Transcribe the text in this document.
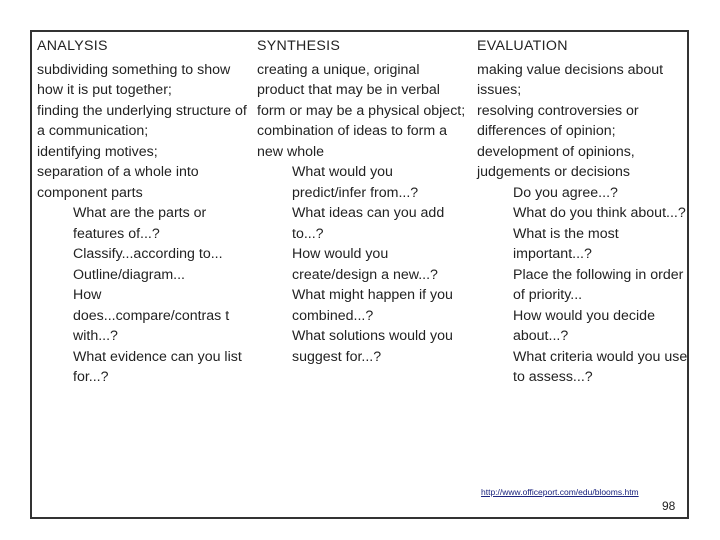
ANALYSIS

subdividing something to show how it is put together;

finding the underlying structure of a communication;

identifying motives;

separation of a whole into component parts

What are the parts or features of...?

Classify...according to...

Outline/diagram...

How does...compare/contras t with...?

What evidence can you list for...?

SYNTHESIS

creating a unique, original product that may be in verbal form or may be a physical object;

combination of ideas to form a new whole

What would you predict/infer from...?

What ideas can you add to...?

How would you create/design a new...?

What might happen if you combined...?

What solutions would you suggest for...?

EVALUATION

making value decisions about issues;

resolving controversies or differences of opinion;

development of opinions, judgements or decisions

Do you agree...?

What do you think about...?

What is the most important...?

Place the following in order of priority...

How would you decide about...?

What criteria would you use to assess...?

http://www.officeport.com/edu/blooms.htm
98
